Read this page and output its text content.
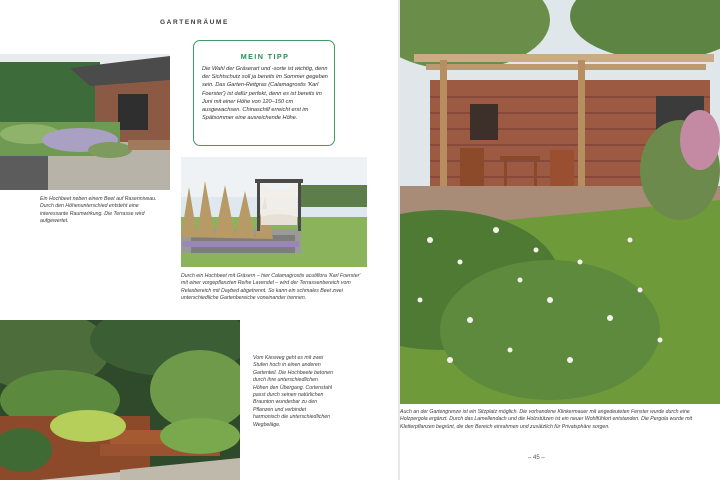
GARTENRÄUME
Ein Hochbeet neben einem Beet auf Rasenniveau. Durch den Höhenunterschied entsteht eine interessante Raumwirkung. Die Terrasse wird aufgewertet.
MEIN TIPP
Die Wahl der Gräserart und -sorte ist wichtig, denn der Sichtschutz soll ja bereits im Sommer gegeben sein. Das Garten-Reitgras (Calamagrostis 'Karl Foerster') ist dafür perfekt, denn es ist bereits im Juni mit einer Höhe von 120–150 cm ausgewachsen. Chinaschilf erreicht erst im Spätsommer eine ausreichende Höhe.
Durch ein Hochbeet mit Gräsern – hier Calamagrostis acutiflora 'Karl Foerster' mit einer vorgepflanzten Reihe Lavendel – wird der Terrassenbereich vom Relaxbereich mit Daybed abgetrennt. So kann ein schmales Beet zwei unterschiedliche Gartenbereiche voneinander trennen.
Vom Kiesweg geht es mit zwei Stufen hoch in einen anderen Gartenteil. Die Hochbeete betonen durch ihre unterschiedlichen Höhen den Übergang. Cortenstahl passt durch seinen natürlichen Braunton wunderbar zu den Pflanzen und verbindet harmonisch die unterschiedlichen Wegbeläge.
Auch an der Gartengrenze ist ein Sitzplatz möglich. Die vorhandene Klinkermauer mit angedeuteten Fenster wurde durch eine Holzpergola ergänzt. Durch das Lamellendach und die Holzstützen ist ein neuer Wohlfühlort entstanden. Die Pergola wurde mit Kletterpflanzen begrünt, die den Bereich einrahmen und zusätzlich für Privatsphäre sorgen.
– 45 –
